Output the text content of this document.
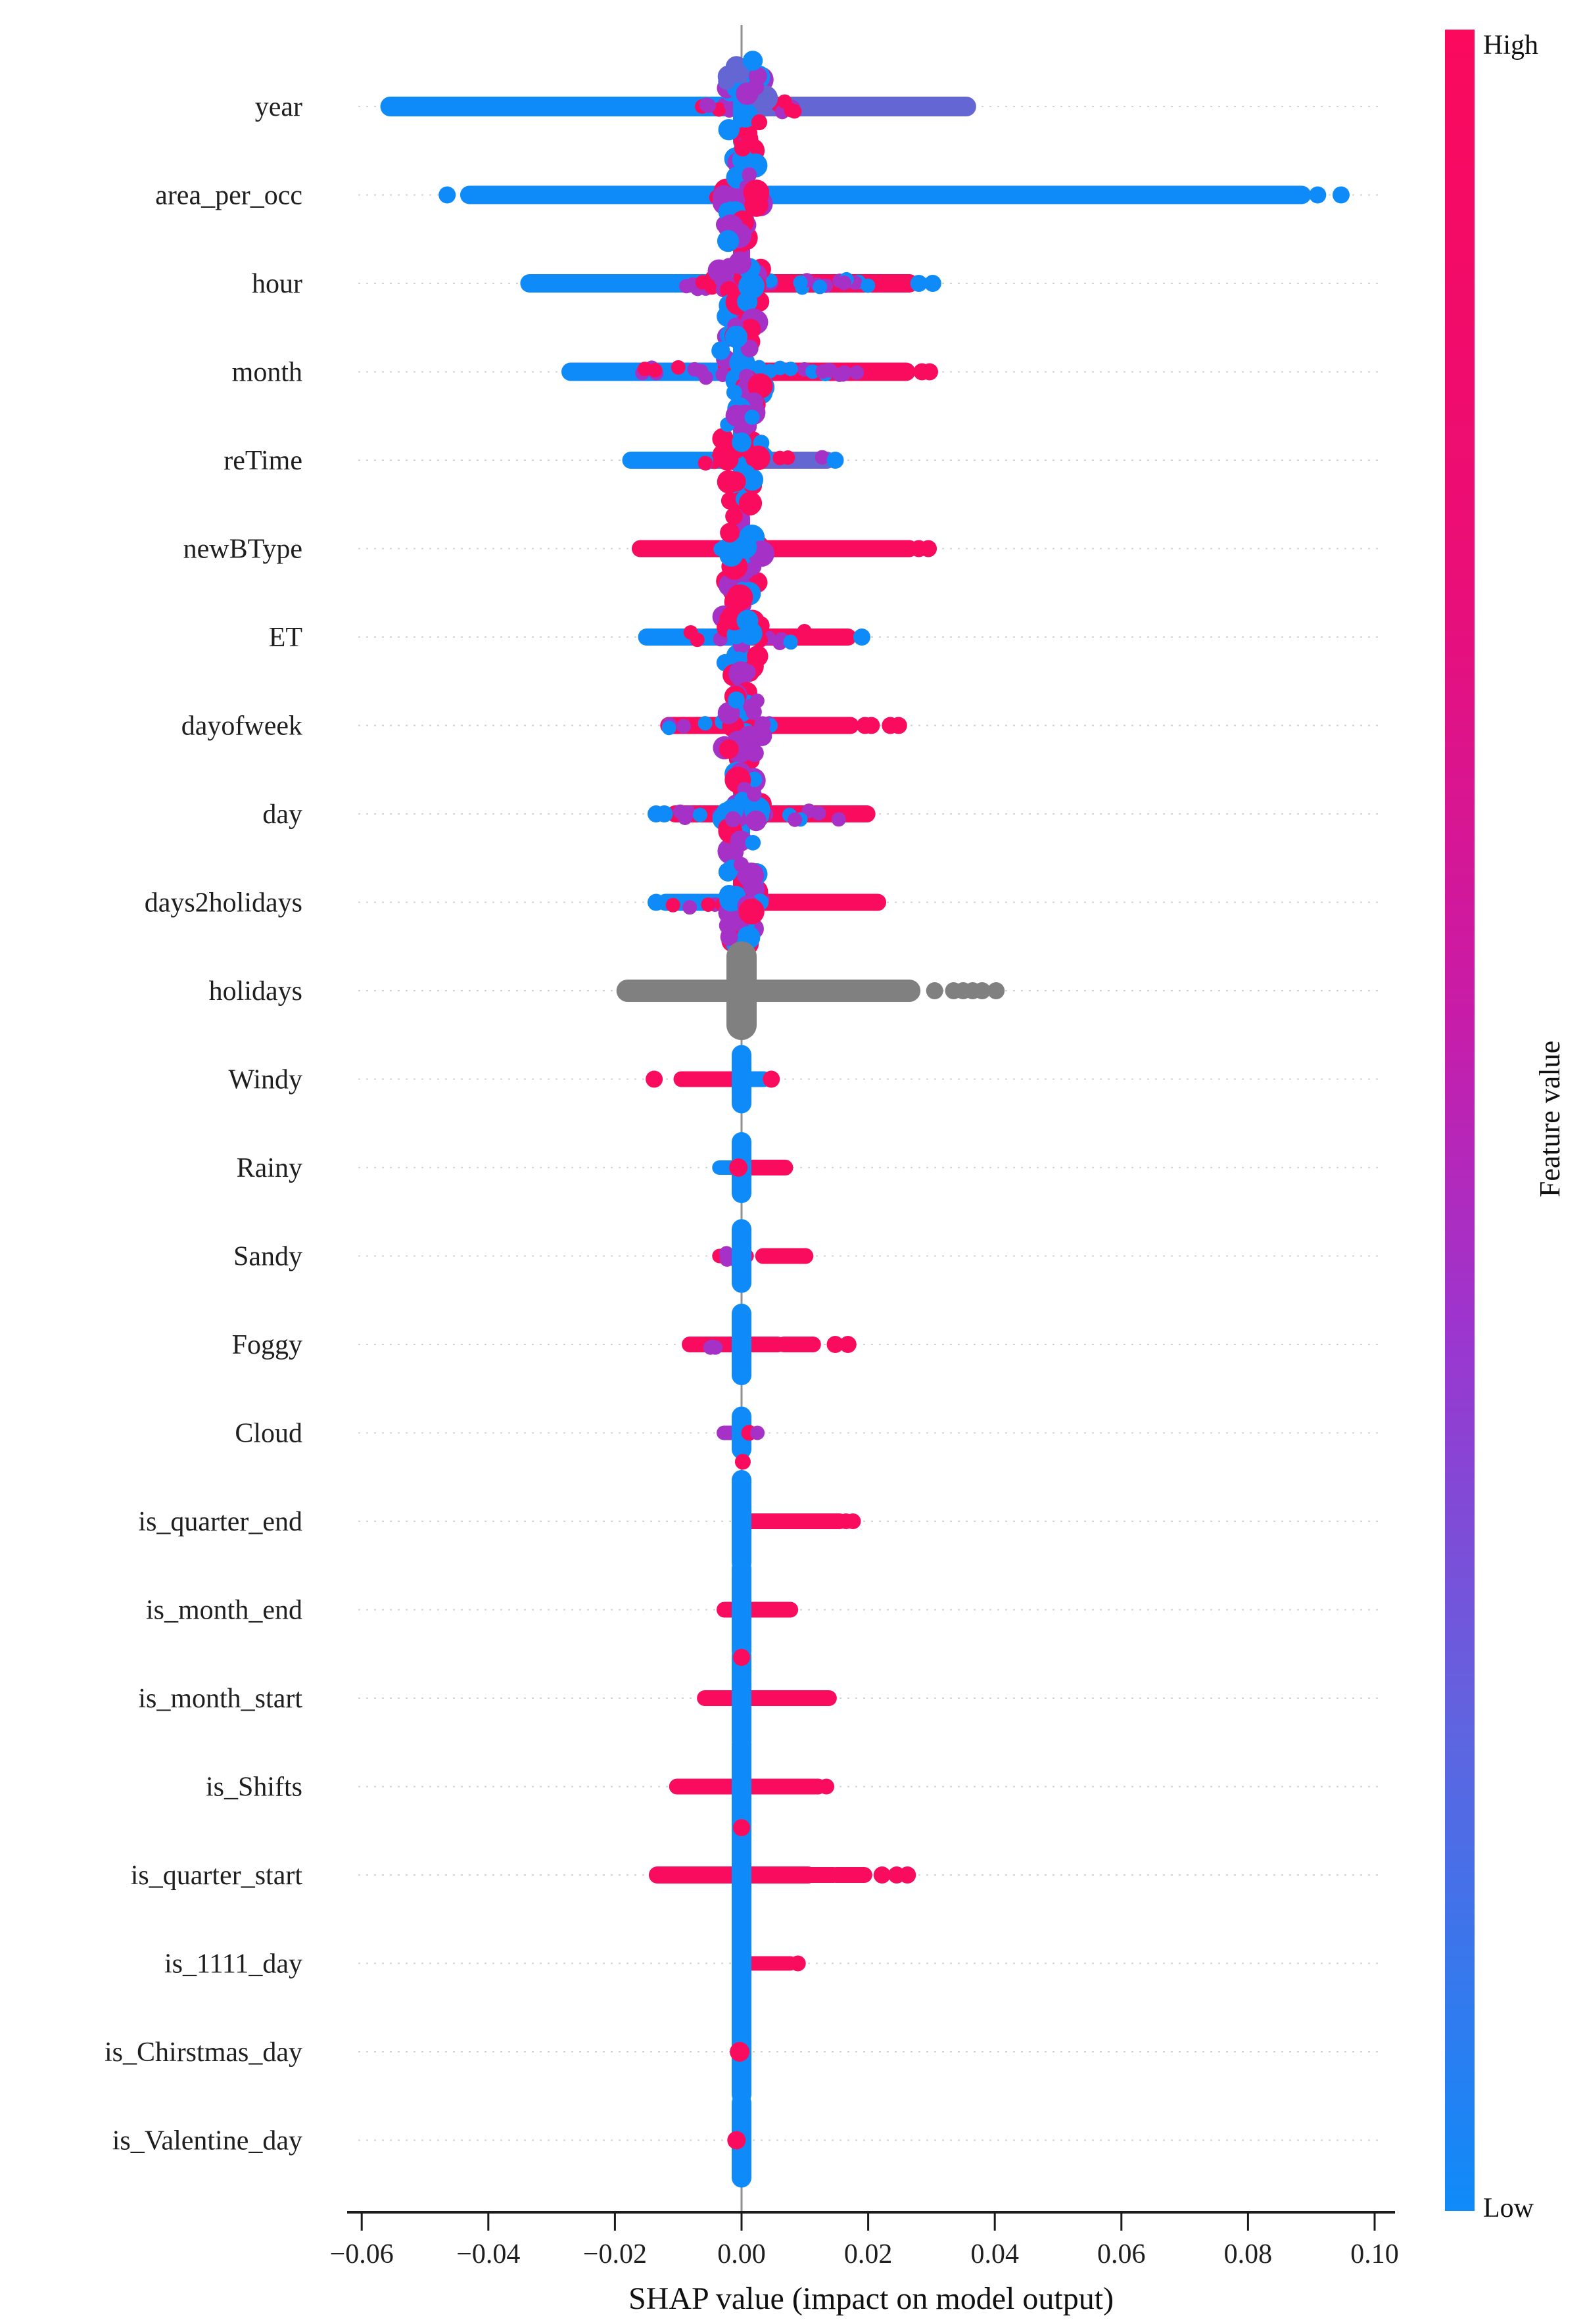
year
area_per_occ
hour
month
reTime
newBType
ET
dayofweek
day
days2holidays
holidays
Windy
Rainy
Sandy
Foggy
Cloud
is_quarter_end
is_month_end
is_month_start
is_Shifts
is_quarter_start
is_1111_day
is_Chirstmas_day
is_Valentine_day
−0.06 −0.04 −0.02	0.00	0.02	0.04	0.06	0.08	0.10
SHAP value (impact on model output)
High
Low
Feature value
